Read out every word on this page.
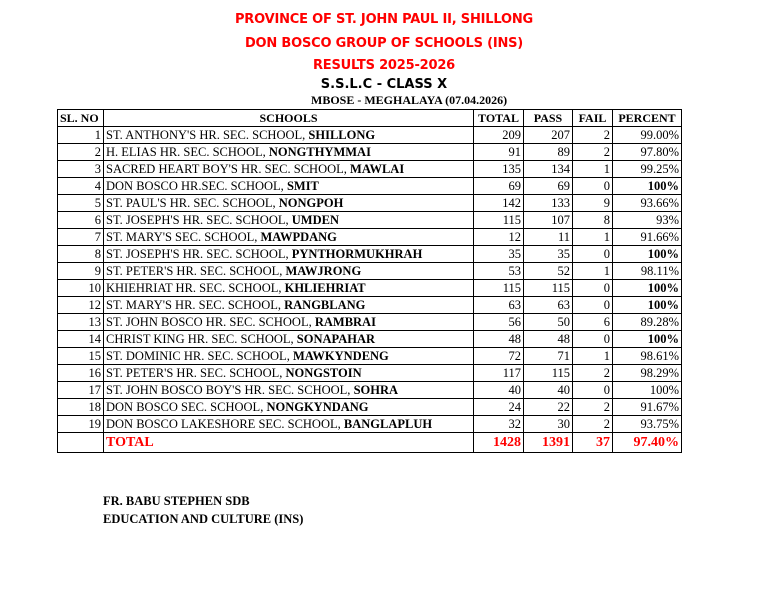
PROVINCE OF ST. JOHN PAUL II, SHILLONG
DON BOSCO GROUP OF SCHOOLS (INS)
RESULTS 2025-2026
S.S.L.C - CLASS X
MBOSE - MEGHALAYA (07.04.2026)
SL. NO	SCHOOLS	TOTAL	PASS	FAIL	PERCENT
1	ST. ANTHONY'S HR. SEC. SCHOOL, SHILLONG	209	207	2	99.00%
2	H. ELIAS HR. SEC. SCHOOL, NONGTHYMMAI	91	89	2	97.80%
3	SACRED HEART BOY'S HR. SEC. SCHOOL, MAWLAI	135	134	1	99.25%
4	DON BOSCO HR.SEC. SCHOOL, SMIT	69	69	0	100%
5	ST. PAUL'S HR. SEC. SCHOOL, NONGPOH	142	133	9	93.66%
6	ST. JOSEPH'S HR. SEC. SCHOOL, UMDEN	115	107	8	93%
7	ST. MARY'S SEC. SCHOOL, MAWPDANG	12	11	1	91.66%
8	ST. JOSEPH'S HR. SEC. SCHOOL, PYNTHORMUKHRAH	35	35	0	100%
9	ST. PETER'S HR. SEC. SCHOOL, MAWJRONG	53	52	1	98.11%
10	KHIEHRIAT HR. SEC. SCHOOL, KHLIEHRIAT	115	115	0	100%
12	ST. MARY'S HR. SEC. SCHOOL, RANGBLANG	63	63	0	100%
13	ST. JOHN BOSCO HR. SEC. SCHOOL, RAMBRAI	56	50	6	89.28%
14	CHRIST KING HR. SEC. SCHOOL, SONAPAHAR	48	48	0	100%
15	ST. DOMINIC HR. SEC. SCHOOL, MAWKYNDENG	72	71	1	98.61%
16	ST. PETER'S HR. SEC. SCHOOL, NONGSTOIN	117	115	2	98.29%
17	ST. JOHN BOSCO BOY'S HR. SEC. SCHOOL, SOHRA	40	40	0	100%
18	DON BOSCO SEC. SCHOOL, NONGKYNDANG	24	22	2	91.67%
19	DON BOSCO LAKESHORE SEC. SCHOOL, BANGLAPLUH	32	30	2	93.75%
	TOTAL	1428	1391	37	97.40%
FR. BABU STEPHEN SDB
EDUCATION AND CULTURE (INS)
